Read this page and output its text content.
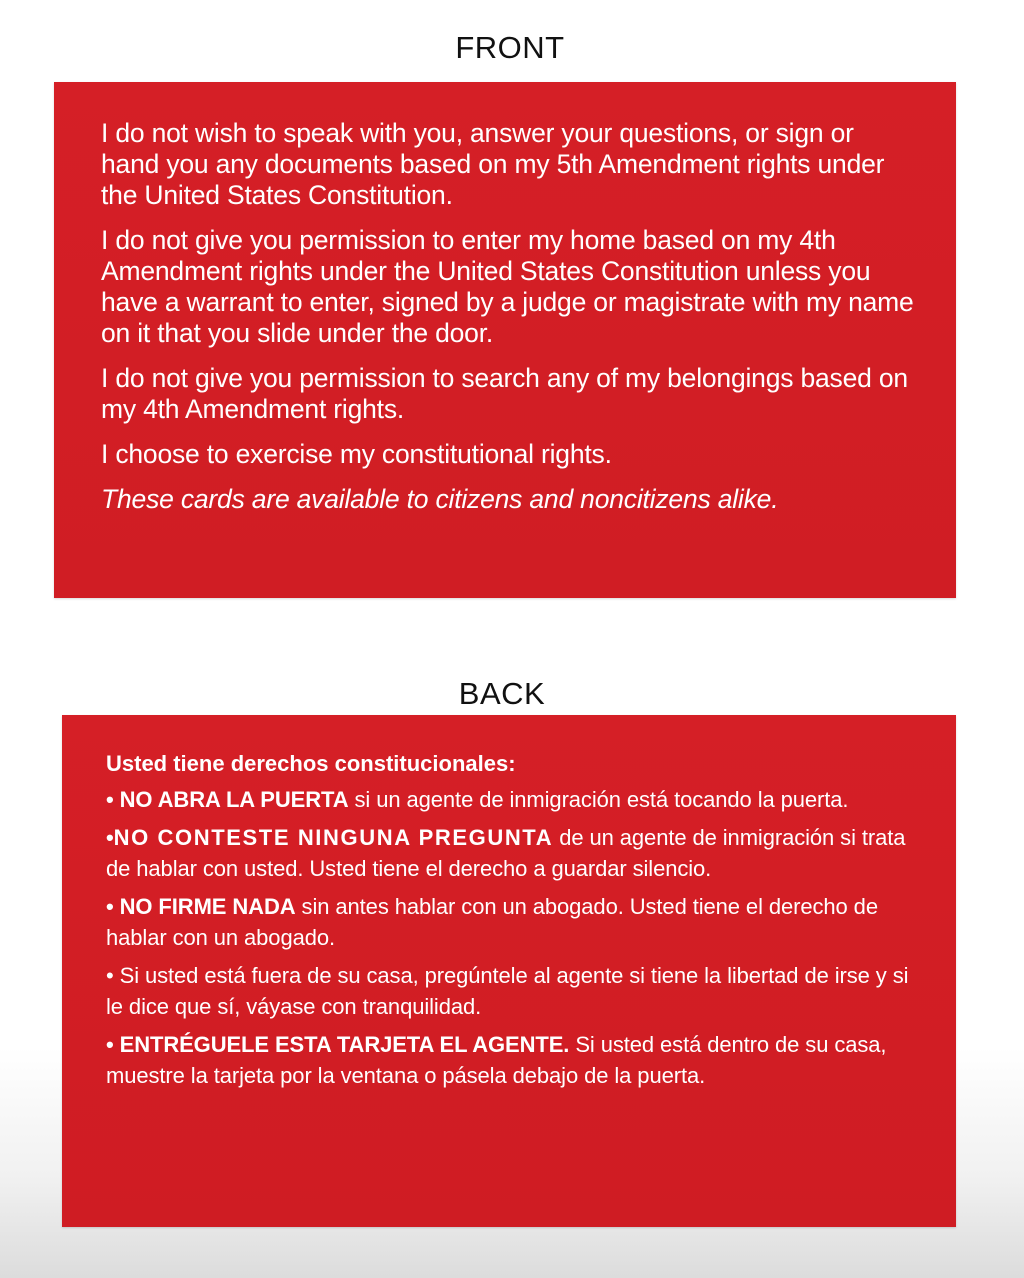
FRONT

I do not wish to speak with you, answer your questions, or sign or hand you any documents based on my 5th Amendment rights under the United States Constitution.

I do not give you permission to enter my home based on my 4th Amendment rights under the United States Constitution unless you have a warrant to enter, signed by a judge or magistrate with my name on it that you slide under the door.

I do not give you permission to search any of my belongings based on my 4th Amendment rights.

I choose to exercise my constitutional rights.

These cards are available to citizens and noncitizens alike.

BACK

Usted tiene derechos constitucionales:

• NO ABRA LA PUERTA si un agente de inmigración está tocando la puerta.

•NO CONTESTE NINGUNA PREGUNTA de un agente de inmigración si trata de hablar con usted. Usted tiene el derecho a guardar silencio.

• NO FIRME NADA sin antes hablar con un abogado. Usted tiene el derecho de hablar con un abogado.

• Si usted está fuera de su casa, pregúntele al agente si tiene la libertad de irse y si le dice que sí, váyase con tranquilidad.

• ENTRÉGUELE ESTA TARJETA EL AGENTE. Si usted está dentro de su casa, muestre la tarjeta por la ventana o pásela debajo de la puerta.
